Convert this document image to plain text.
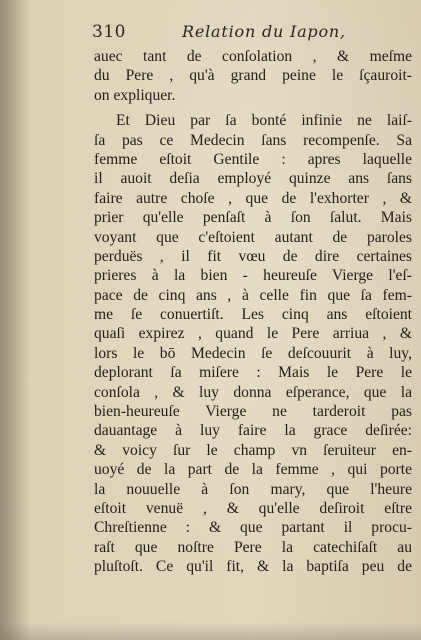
310	Relation du Iapon,
auec tant de conſolation , & meſme
du Pere , qu'à grand peine le ſçauroit-
on expliquer.
Et Dieu par ſa bonté infinie ne laiſ-
ſa pas ce Medecin ſans recompenſe. Sa
femme eſtoit Gentile : apres laquelle
il auoit deſia employé quinze ans ſans
faire autre choſe , que de l'exhorter , &
prier qu'elle penſaſt à ſon ſalut. Mais
voyant que c'eſtoient autant de paroles
perduës , il fit vœu de dire certaines
prieres à la bien - heureuſe Vierge l'eſ-
pace de cinq ans , à celle fin que ſa fem-
me ſe conuertiſt. Les cinq ans eſtoient
quaſi expirez , quand le Pere arriua , &
lors le bō Medecin ſe deſcouurit à luy,
deplorant ſa miſere : Mais le Pere le
conſola , & luy donna eſperance, que la
bien-heureuſe Vierge ne tarderoit pas
dauantage à luy faire la grace deſirée:
& voicy ſur le champ vn ſeruiteur en-
uoyé de la part de la femme , qui porte
la nouuelle à ſon mary, que l'heure
eſtoit venuë , & qu'elle deſiroit eſtre
Chreſtienne : & que partant il procu-
raſt que noſtre Pere la catechiſaſt au
pluſtoſt. Ce qu'il fit, & la baptiſa peu de
